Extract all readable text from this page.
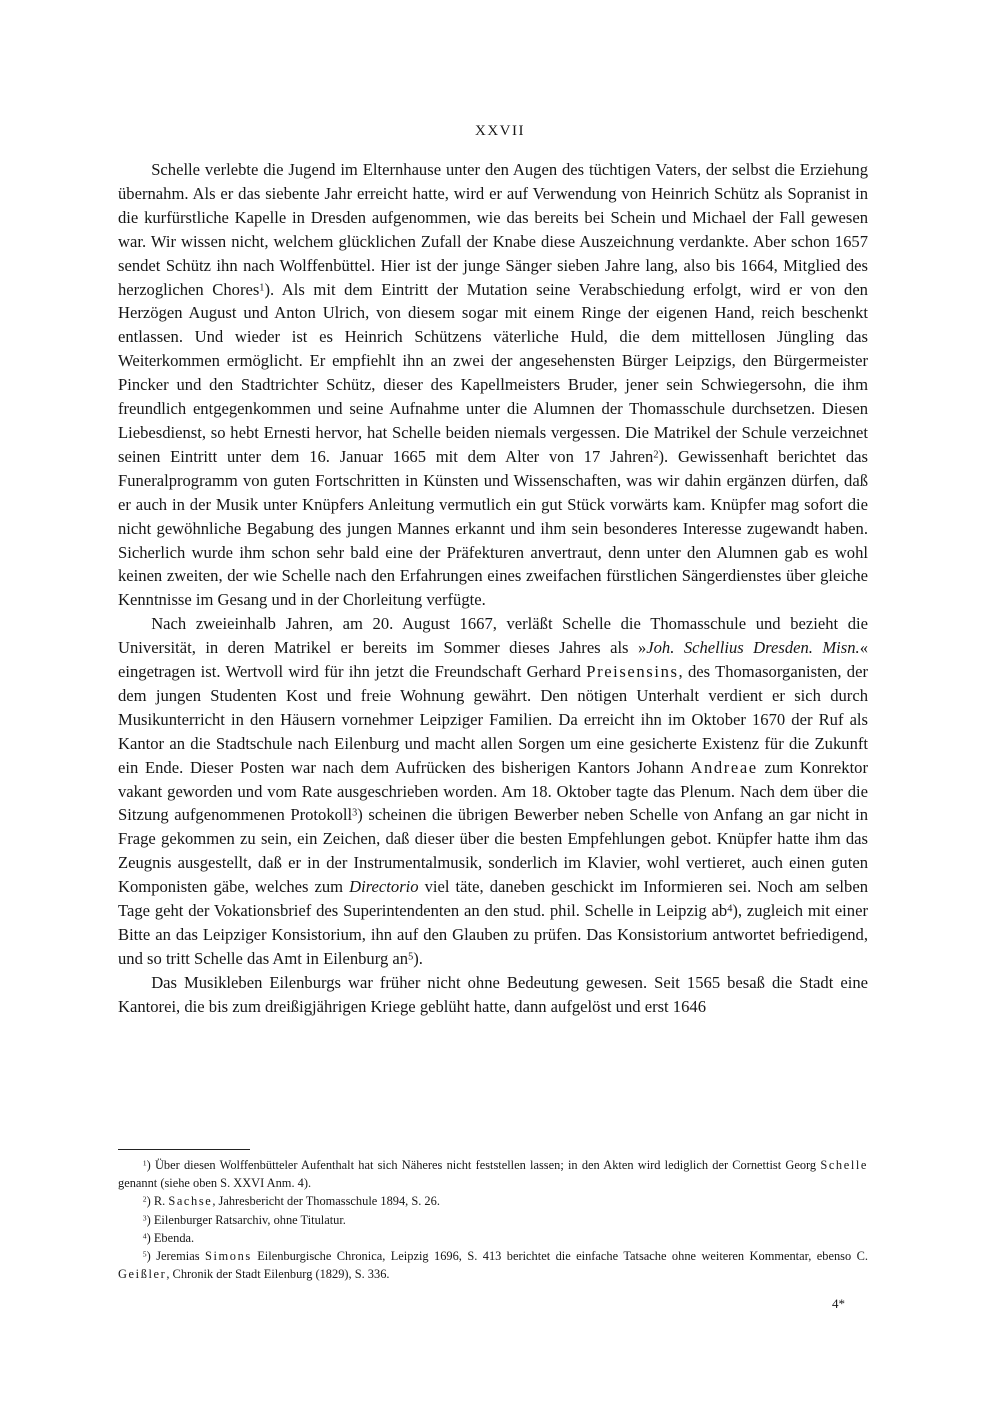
XXVII

Schelle verlebte die Jugend im Elternhause unter den Augen des tüchtigen Vaters, der selbst die Erziehung übernahm. Als er das siebente Jahr erreicht hatte, wird er auf Verwendung von Heinrich Schütz als Sopranist in die kurfürstliche Kapelle in Dresden aufgenommen, wie das bereits bei Schein und Michael der Fall gewesen war. Wir wissen nicht, welchem glücklichen Zufall der Knabe diese Auszeichnung verdankte. Aber schon 1657 sendet Schütz ihn nach Wolffenbüttel. Hier ist der junge Sänger sieben Jahre lang, also bis 1664, Mitglied des herzoglichen Chores$^1$). Als mit dem Eintritt der Mutation seine Verabschiedung erfolgt, wird er von den Herzögen August und Anton Ulrich, von diesem sogar mit einem Ringe der eigenen Hand, reich beschenkt entlassen. Und wieder ist es Heinrich Schützens väterliche Huld, die dem mittellosen Jüngling das Weiterkommen ermöglicht. Er empfiehlt ihn an zwei der angesehensten Bürger Leipzigs, den Bürgermeister Pincker und den Stadtrichter Schütz, dieser des Kapellmeisters Bruder, jener sein Schwiegersohn, die ihm freundlich entgegenkommen und seine Aufnahme unter die Alumnen der Thomasschule durchsetzen. Diesen Liebesdienst, so hebt Ernesti hervor, hat Schelle beiden niemals vergessen. Die Matrikel der Schule verzeichnet seinen Eintritt unter dem 16. Januar 1665 mit dem Alter von 17 Jahren$^2$). Gewissenhaft berichtet das Funeralprogramm von guten Fortschritten in Künsten und Wissenschaften, was wir dahin ergänzen dürfen, daß er auch in der Musik unter Knüpfers Anleitung vermutlich ein gut Stück vorwärts kam. Knüpfer mag sofort die nicht gewöhnliche Begabung des jungen Mannes erkannt und ihm sein besonderes Interesse zugewandt haben. Sicherlich wurde ihm schon sehr bald eine der Präfekturen anvertraut, denn unter den Alumnen gab es wohl keinen zweiten, der wie Schelle nach den Erfahrungen eines zweifachen fürstlichen Sängerdienstes über gleiche Kenntnisse im Gesang und in der Chorleitung verfügte.

Nach zweieinhalb Jahren, am 20. August 1667, verläßt Schelle die Thomasschule und bezieht die Universität, in deren Matrikel er bereits im Sommer dieses Jahres als »Joh. Schellius Dresden. Misn.« eingetragen ist. Wertvoll wird für ihn jetzt die Freundschaft Gerhard Preisensins, des Thomasorganisten, der dem jungen Studenten Kost und freie Wohnung gewährt. Den nötigen Unterhalt verdient er sich durch Musikunterricht in den Häusern vornehmer Leipziger Familien. Da erreicht ihn im Oktober 1670 der Ruf als Kantor an die Stadtschule nach Eilenburg und macht allen Sorgen um eine gesicherte Existenz für die Zukunft ein Ende. Dieser Posten war nach dem Aufrücken des bisherigen Kantors Johann Andreae zum Konrektor vakant geworden und vom Rate ausgeschrieben worden. Am 18. Oktober tagte das Plenum. Nach dem über die Sitzung aufgenommenen Protokoll$^3$) scheinen die übrigen Bewerber neben Schelle von Anfang an gar nicht in Frage gekommen zu sein, ein Zeichen, daß dieser über die besten Empfehlungen gebot. Knüpfer hatte ihm das Zeugnis ausgestellt, daß er in der Instrumentalmusik, sonderlich im Klavier, wohl vertieret, auch einen guten Komponisten gäbe, welches zum Directorio viel täte, daneben geschickt im Informieren sei. Noch am selben Tage geht der Vokationsbrief des Superintendenten an den stud. phil. Schelle in Leipzig $ab^4$), zugleich mit einer Bitte an das Leipziger Konsistorium, ihn auf den Glauben zu prüfen. Das Konsistorium antwortet befriedigend, und so tritt Schelle das Amt in Eilenburg $an^5$).

Das Musikleben Eilenburgs war früher nicht ohne Bedeutung gewesen. Seit 1565 besaß die Stadt eine Kantorei, die bis zum dreißigjährigen Kriege geblüht hatte, dann aufgelöst und erst 1646

$^1$) Über diesen Wolffenbütteler Aufenthalt hat sich Näheres nicht feststellen lassen; in den Akten wird lediglich der Cornettist Georg Schelle genannt (siehe oben S. XXVI Anm. 4).

$^2$) R. Sachse, Jahresbericht der Thomasschule 1894, S. 26.

$^3$) Eilenburger Ratsarchiv, ohne Titulatur.

$^4$) Ebenda.

$^5$) Jeremias Simons Eilenburgische Chronica, Leipzig 1696, S. 413 berichtet die einfache Tatsache ohne weiteren Kommentar, ebenso C. Geißler, Chronik der Stadt Eilenburg (1829), S. 336.

4*
